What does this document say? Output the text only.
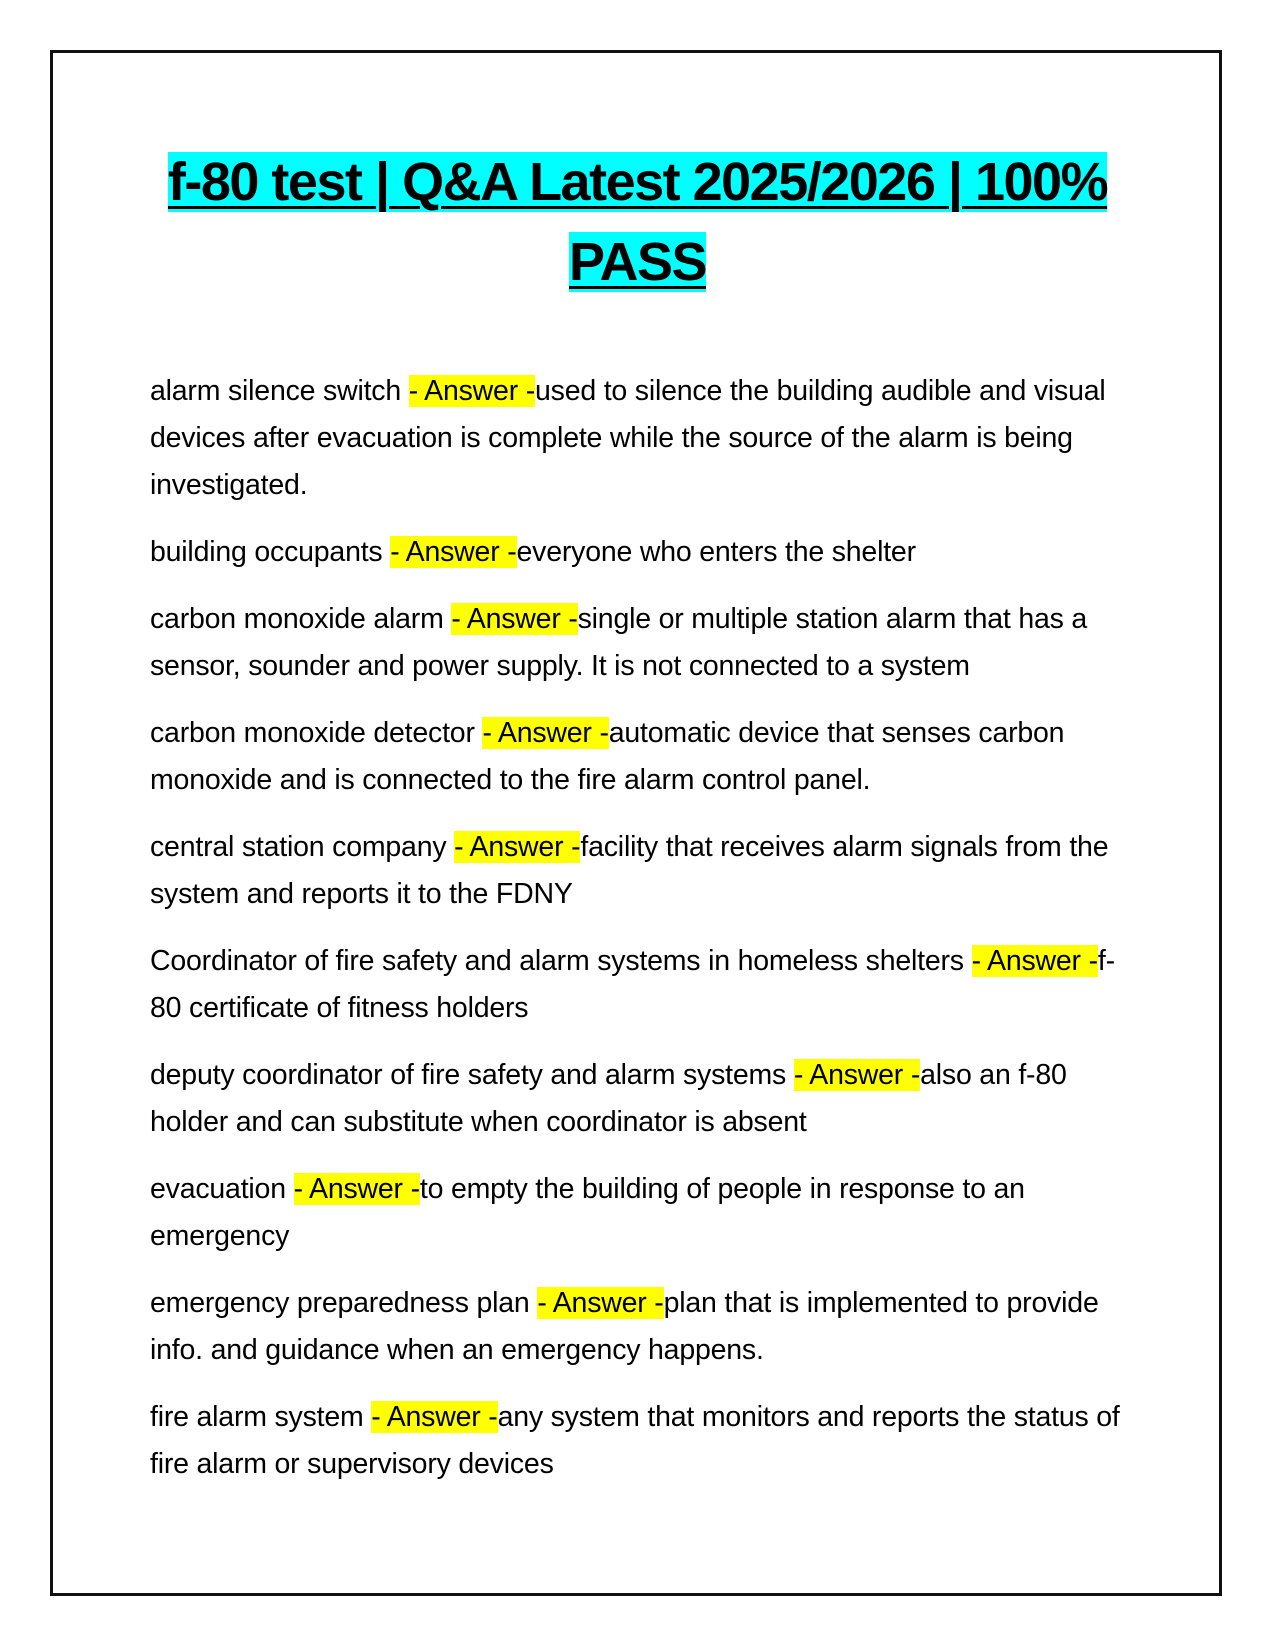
f-80 test | Q&A Latest 2025/2026 | 100% PASS

alarm silence switch - Answer -used to silence the building audible and visual devices after evacuation is complete while the source of the alarm is being investigated.

building occupants - Answer -everyone who enters the shelter

carbon monoxide alarm - Answer -single or multiple station alarm that has a sensor, sounder and power supply. It is not connected to a system

carbon monoxide detector - Answer -automatic device that senses carbon monoxide and is connected to the fire alarm control panel.

central station company - Answer -facility that receives alarm signals from the system and reports it to the FDNY

Coordinator of fire safety and alarm systems in homeless shelters - Answer -f-80 certificate of fitness holders

deputy coordinator of fire safety and alarm systems - Answer -also an f-80 holder and can substitute when coordinator is absent

evacuation - Answer -to empty the building of people in response to an emergency

emergency preparedness plan - Answer -plan that is implemented to provide info. and guidance when an emergency happens.

fire alarm system - Answer -any system that monitors and reports the status of fire alarm or supervisory devices
